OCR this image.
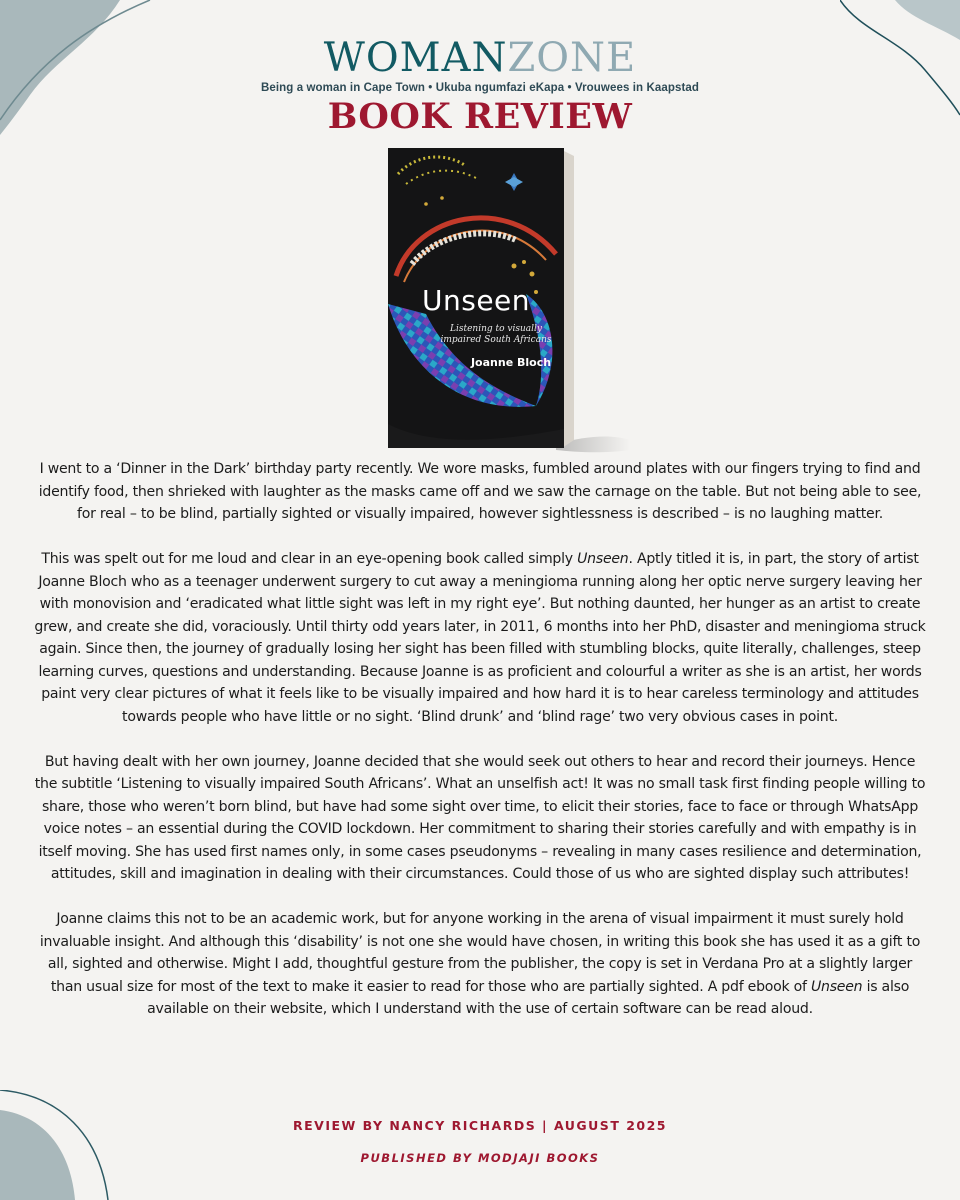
WOMANZONE
Being a woman in Cape Town • Ukuba ngumfazi eKapa • Vrouwees in Kaapstad
BOOK REVIEW
Unseen
Listening to visually impaired South Africans
Joanne Bloch

I went to a ‘Dinner in the Dark’ birthday party recently. We wore masks, fumbled around plates with our fingers trying to find and identify food, then shrieked with laughter as the masks came off and we saw the carnage on the table. But not being able to see, for real – to be blind, partially sighted or visually impaired, however sightlessness is described – is no laughing matter.

This was spelt out for me loud and clear in an eye-opening book called simply Unseen. Aptly titled it is, in part, the story of artist Joanne Bloch who as a teenager underwent surgery to cut away a meningioma running along her optic nerve surgery leaving her with monovision and ‘eradicated what little sight was left in my right eye’. But nothing daunted, her hunger as an artist to create grew, and create she did, voraciously. Until thirty odd years later, in 2011, 6 months into her PhD, disaster and meningioma struck again. Since then, the journey of gradually losing her sight has been filled with stumbling blocks, quite literally, challenges, steep learning curves, questions and understanding. Because Joanne is as proficient and colourful a writer as she is an artist, her words paint very clear pictures of what it feels like to be visually impaired and how hard it is to hear careless terminology and attitudes towards people who have little or no sight. ‘Blind drunk’ and ‘blind rage’ two very obvious cases in point.

But having dealt with her own journey, Joanne decided that she would seek out others to hear and record their journeys. Hence the subtitle ‘Listening to visually impaired South Africans’. What an unselfish act! It was no small task first finding people willing to share, those who weren’t born blind, but have had some sight over time, to elicit their stories, face to face or through WhatsApp voice notes – an essential during the COVID lockdown. Her commitment to sharing their stories carefully and with empathy is in itself moving. She has used first names only, in some cases pseudonyms – revealing in many cases resilience and determination, attitudes, skill and imagination in dealing with their circumstances. Could those of us who are sighted display such attributes!

Joanne claims this not to be an academic work, but for anyone working in the arena of visual impairment it must surely hold invaluable insight. And although this ‘disability’ is not one she would have chosen, in writing this book she has used it as a gift to all, sighted and otherwise. Might I add, thoughtful gesture from the publisher, the copy is set in Verdana Pro at a slightly larger than usual size for most of the text to make it easier to read for those who are partially sighted. A pdf ebook of Unseen is also available on their website, which I understand with the use of certain software can be read aloud.

REVIEW BY NANCY RICHARDS | AUGUST 2025
PUBLISHED BY MODJAJI BOOKS
